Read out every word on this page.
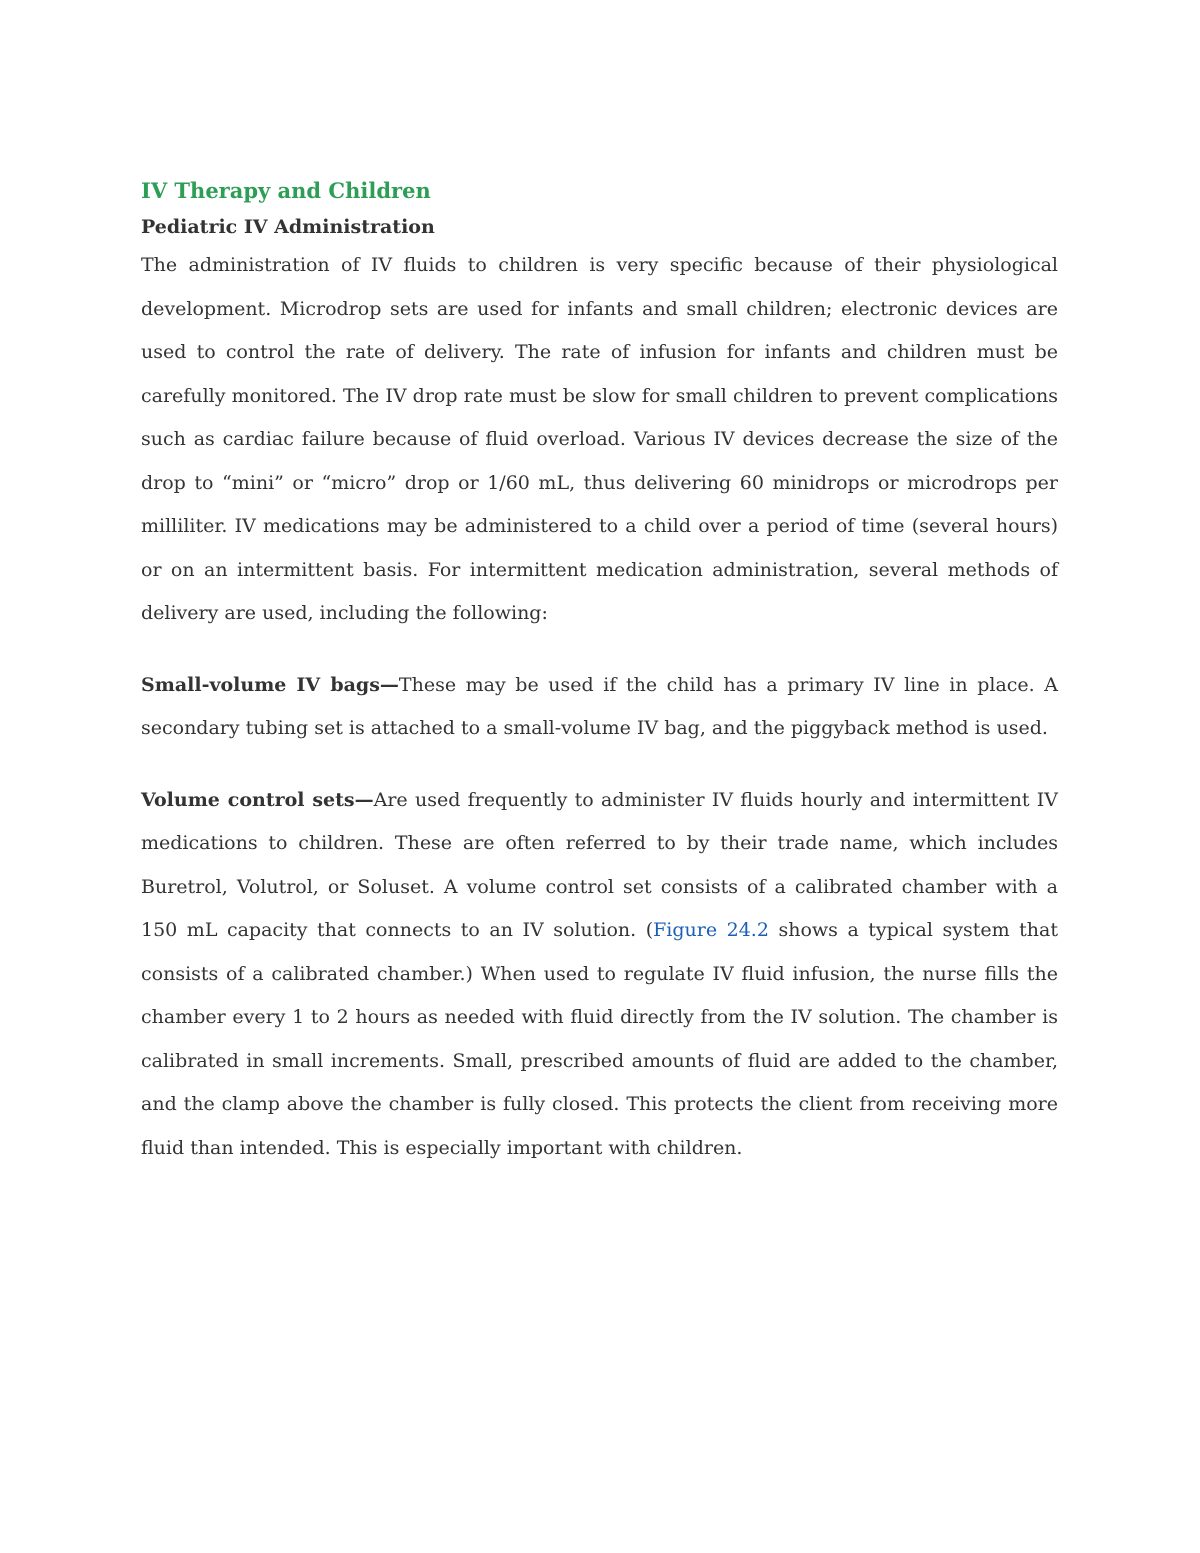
IV Therapy and Children
Pediatric IV Administration

The administration of IV fluids to children is very specific because of their physiological development. Microdrop sets are used for infants and small children; electronic devices are used to control the rate of delivery. The rate of infusion for infants and children must be carefully monitored. The IV drop rate must be slow for small children to prevent complications such as cardiac failure because of fluid overload. Various IV devices decrease the size of the drop to “mini” or “micro” drop or 1/60 mL, thus delivering 60 minidrops or microdrops per milliliter. IV medications may be administered to a child over a period of time (several hours) or on an intermittent basis. For intermittent medication administration, several methods of delivery are used, including the following:

Small-volume IV bags—These may be used if the child has a primary IV line in place. A secondary tubing set is attached to a small-volume IV bag, and the piggyback method is used.

Volume control sets—Are used frequently to administer IV fluids hourly and intermittent IV medications to children. These are often referred to by their trade name, which includes Buretrol, Volutrol, or Soluset. A volume control set consists of a calibrated chamber with a 150 mL capacity that connects to an IV solution. (Figure 24.2 shows a typical system that consists of a calibrated chamber.) When used to regulate IV fluid infusion, the nurse fills the chamber every 1 to 2 hours as needed with fluid directly from the IV solution. The chamber is calibrated in small increments. Small, prescribed amounts of fluid are added to the chamber, and the clamp above the chamber is fully closed. This protects the client from receiving more fluid than intended. This is especially important with children.
